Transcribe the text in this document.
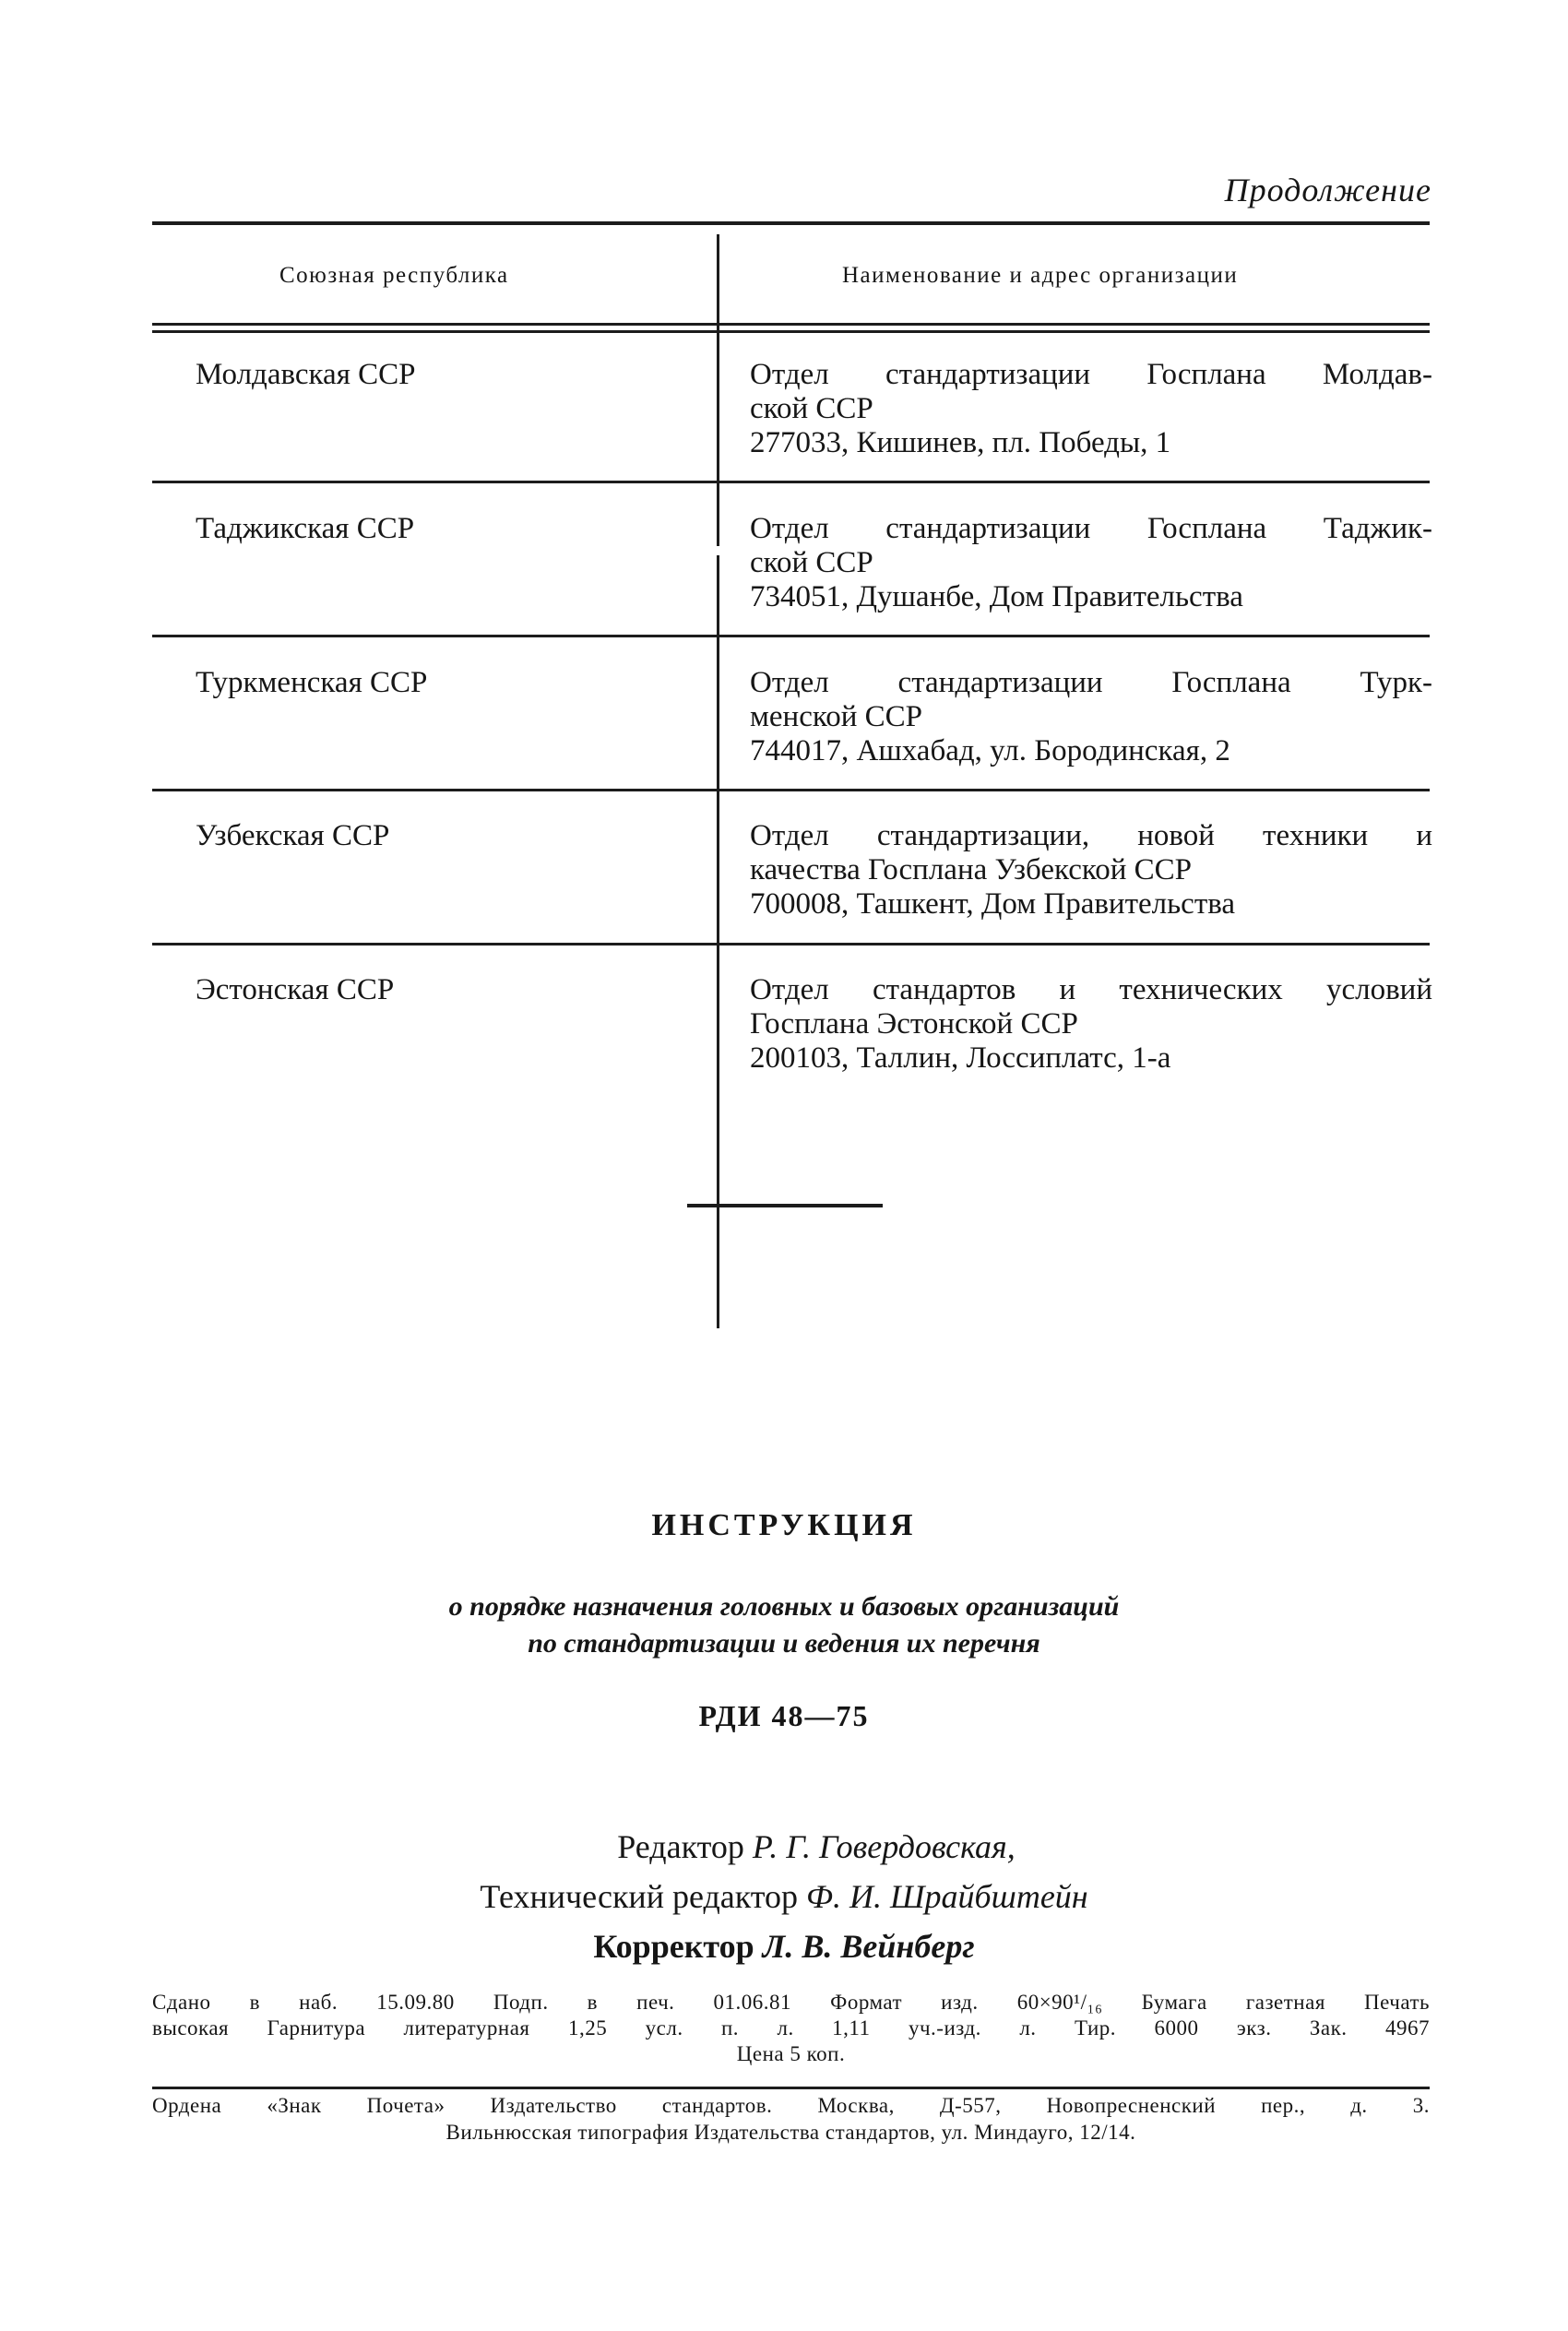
Продолжение
Союзная республика	Наименование и адрес организации
Молдавская ССР	Отдел стандартизации Госплана Молдав-
ской ССР
277033, Кишинев, пл. Победы, 1
Таджикская ССР	Отдел стандартизации Госплана Таджик-
ской ССР
734051, Душанбе, Дом Правительства
Туркменская ССР	Отдел стандартизации Госплана Турк-
менской ССР
744017, Ашхабад, ул. Бородинская, 2
Узбекская ССР	Отдел стандартизации, новой техники и
качества Госплана Узбекской ССР
700008, Ташкент, Дом Правительства
Эстонская ССР	Отдел стандартов и технических условий
Госплана Эстонской ССР
200103, Таллин, Лоссиплатс, 1-а
ИНСТРУКЦИЯ
о порядке назначения головных и базовых организаций
по стандартизации и ведения их перечня
РДИ 48—75
Редактор Р. Г. Говердовская,
Технический редактор Ф. И. Шрайбштейн
Корректор Л. В. Вейнберг
Сдано в наб. 15.09.80 Подп. в печ. 01.06.81 Формат изд. 60×90¹/₁₆ Бумага газетная Печать
высокая Гарнитура литературная 1,25 усл. п. л. 1,11 уч.-изд. л. Тир. 6000 экз. Зак. 4967
Цена 5 коп.
Ордена «Знак Почета» Издательство стандартов. Москва, Д-557, Новопресненский пер., д. 3.
Вильнюсская типография Издательства стандартов, ул. Миндауго, 12/14.
